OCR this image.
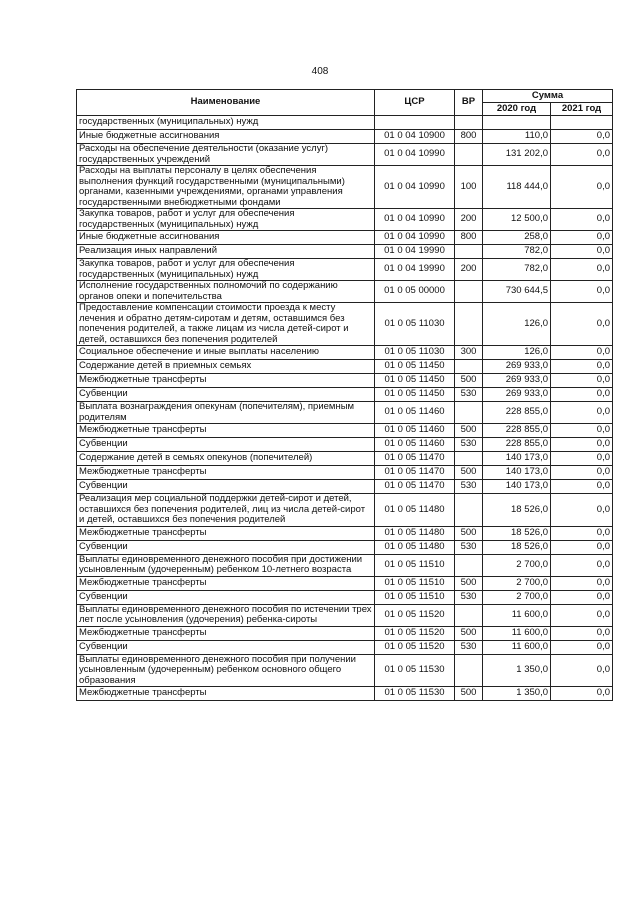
408
Наименование	ЦСР	ВР	Сумма	
			2020 год	2021 год
государственных (муниципальных) нужд				
Иные бюджетные ассигнования	01 0 04 10900	800	110,0	0,0
Расходы на обеспечение деятельности (оказание услуг) государственных учреждений	01 0 04 10990		131 202,0	0,0
Расходы на выплаты персоналу в целях обеспечения выполнения функций государственными (муниципальными) органами, казенными учреждениями, органами управления государственными внебюджетными фондами	01 0 04 10990	100	118 444,0	0,0
Закупка товаров, работ и услуг для обеспечения государственных (муниципальных) нужд	01 0 04 10990	200	12 500,0	0,0
Иные бюджетные ассигнования	01 0 04 10990	800	258,0	0,0
Реализация иных направлений	01 0 04 19990		782,0	0,0
Закупка товаров, работ и услуг для обеспечения государственных (муниципальных) нужд	01 0 04 19990	200	782,0	0,0
Исполнение государственных полномочий по содержанию органов опеки и попечительства	01 0 05 00000		730 644,5	0,0
Предоставление компенсации стоимости проезда к месту лечения и обратно детям-сиротам и детям, оставшимся без попечения родителей, а также лицам из числа детей-сирот и детей, оставшихся без попечения родителей	01 0 05 11030		126,0	0,0
Социальное обеспечение и иные выплаты населению	01 0 05 11030	300	126,0	0,0
Содержание детей в приемных семьях	01 0 05 11450		269 933,0	0,0
Межбюджетные трансферты	01 0 05 11450	500	269 933,0	0,0
Субвенции	01 0 05 11450	530	269 933,0	0,0
Выплата вознаграждения опекунам (попечителям), приемным родителям	01 0 05 11460		228 855,0	0,0
Межбюджетные трансферты	01 0 05 11460	500	228 855,0	0,0
Субвенции	01 0 05 11460	530	228 855,0	0,0
Содержание детей в семьях опекунов (попечителей)	01 0 05 11470		140 173,0	0,0
Межбюджетные трансферты	01 0 05 11470	500	140 173,0	0,0
Субвенции	01 0 05 11470	530	140 173,0	0,0
Реализация мер социальной поддержки детей-сирот и детей, оставшихся без попечения родителей, лиц из числа детей-сирот и детей, оставшихся без попечения родителей	01 0 05 11480		18 526,0	0,0
Межбюджетные трансферты	01 0 05 11480	500	18 526,0	0,0
Субвенции	01 0 05 11480	530	18 526,0	0,0
Выплаты единовременного денежного пособия при достижении усыновленным (удочеренным) ребенком 10-летнего возраста	01 0 05 11510		2 700,0	0,0
Межбюджетные трансферты	01 0 05 11510	500	2 700,0	0,0
Субвенции	01 0 05 11510	530	2 700,0	0,0
Выплаты единовременного денежного пособия по истечении трех лет после усыновления (удочерения) ребенка-сироты	01 0 05 11520		11 600,0	0,0
Межбюджетные трансферты	01 0 05 11520	500	11 600,0	0,0
Субвенции	01 0 05 11520	530	11 600,0	0,0
Выплаты единовременного денежного пособия при получении усыновленным (удочеренным) ребенком основного общего образования	01 0 05 11530		1 350,0	0,0
Межбюджетные трансферты	01 0 05 11530	500	1 350,0	0,0
